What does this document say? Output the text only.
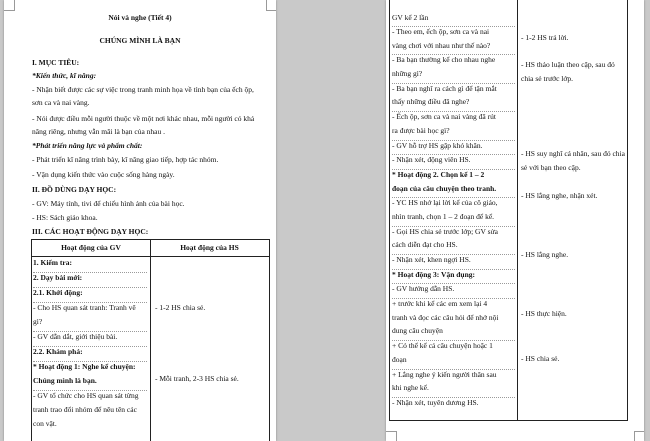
Nói và nghe (Tiết 4)
CHÚNG MÌNH LÀ BẠN
I. MỤC TIÊU:
*Kiến thức, kĩ năng:
- Nhận biết được các sự việc trong tranh minh họa về tình bạn của ếch ộp,
sơn ca và nai vàng.
- Nói được điều mỗi người thuộc về một nơi khác nhau, mỗi người có khả
năng riêng, nhưng vẫn mãi là bạn của nhau .
*Phát triển năng lực và phẩm chất:
- Phát triển kĩ năng trình bày, kĩ năng giao tiếp, hợp tác nhóm.
- Vận dụng kiến thức vào cuộc sống hàng ngày.
II. ĐỒ DÙNG DẠY HỌC:
- GV: Máy tính, tivi để chiếu hình ảnh của bài học.
- HS: Sách giáo khoa.
III. CÁC HOẠT ĐỘNG DẠY HỌC:
Hoạt động của GV	Hoạt động của HS

1. Kiểm tra:

2. Dạy bài mới:

2.1. Khởi động:

- Cho HS quan sát tranh: Tranh vẽ

gì?

- GV dẫn dắt, giới thiệu bài.

2.2. Khám phá:

* Hoạt động 1: Nghe kể chuyện:

Chúng mình là bạn.

- GV tổ chức cho HS quan sát từng

tranh trao đổi nhóm để nêu tên các

con vật.

- 1-2 HS chia sẻ.
- Mỗi tranh, 2-3 HS chia sẻ.

GV kể 2 lần

- Theo em, ếch ộp, sơn ca và nai

vàng chơi với nhau như thế nào?

- Ba bạn thường kể cho nhau nghe

những gì?

- Ba bạn nghĩ ra cách gì để tận mắt

thấy những điều đã nghe?

- Ếch ộp, sơn ca và nai vàng đã rút

ra được bài học gì?

- GV hỗ trợ HS gặp khó khăn.

- Nhận xét, động viên HS.

* Hoạt động 2. Chọn kể 1 – 2

đoạn của câu chuyện theo tranh.

- YC HS nhớ lại lời kể của cô giáo,

nhìn tranh, chọn 1 – 2 đoạn để kể.

- Gọi HS chia sẻ trước lớp; GV sửa

cách diễn đạt cho HS.

- Nhận xét, khen ngợi HS.

* Hoạt động 3: Vận dụng:

- GV hướng dẫn HS.

+ trước khi kể các em xem lại 4

tranh và đọc các câu hỏi để nhớ nội

dung câu chuyện

+ Có thể kể cả câu chuyện hoặc 1

đoạn

+ Lắng nghe ý kiến người thân sau

khi nghe kể.

- Nhận xét, tuyên dương HS.

- 1-2 HS trả lời.
- HS thảo luận theo cặp, sau đó
chia sẻ trước lớp.
- HS suy nghĩ cá nhân, sau đó chia
sẻ với bạn theo cặp.
- HS lắng nghe, nhận xét.
- HS lắng nghe.
- HS thực hiện.
- HS chia sẻ.
